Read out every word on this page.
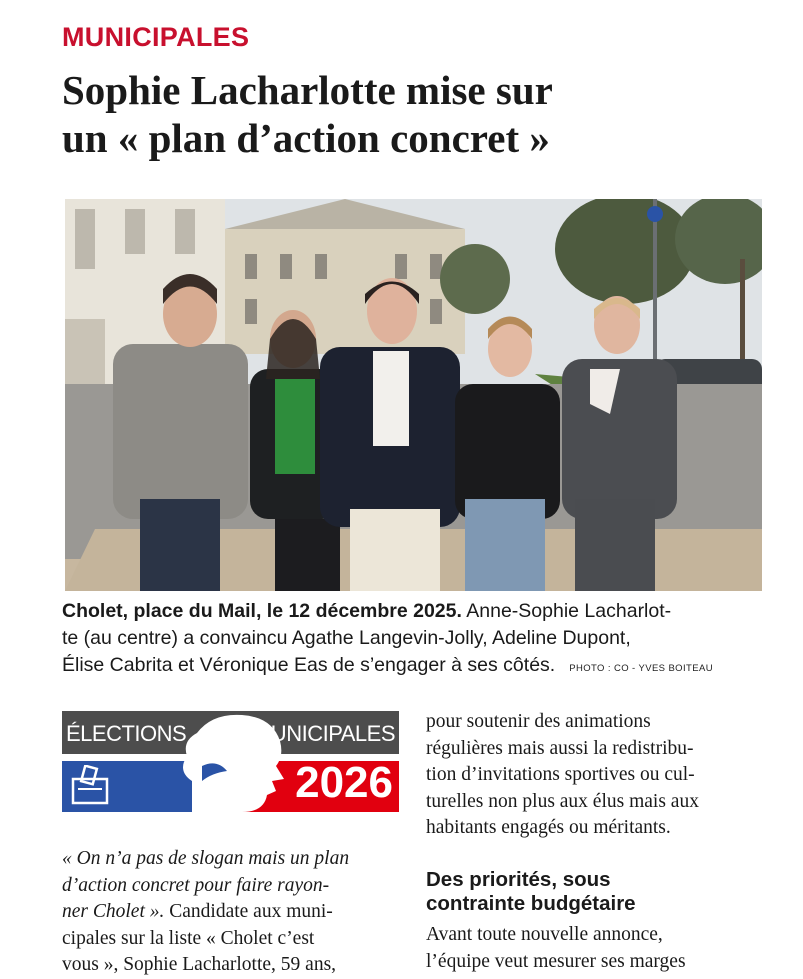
MUNICIPALES
Sophie Lacharlotte mise sur
un « plan d’action concret »
Cholet, place du Mail, le 12 décembre 2025. Anne-Sophie Lacharlot-
te (au centre) a convaincu Agathe Langevin-Jolly, Adeline Dupont,
Élise Cabrita et Véronique Eas de s’engager à ses côtés. PHOTO : CO - YVES BOITEAU
ÉLECTIONS	MUNICIPALES
2026
« On n’a pas de slogan mais un plan
d’action concret pour faire rayon-
ner Cholet ». Candidate aux muni-
cipales sur la liste « Cholet c’est
vous », Sophie Lacharlotte, 59 ans,
pour soutenir des animations
régulières mais aussi la redistribu-
tion d’invitations sportives ou cul-
turelles non plus aux élus mais aux
habitants engagés ou méritants.
Des priorités, sous
contrainte budgétaire
Avant toute nouvelle annonce,
l’équipe veut mesurer ses marges
